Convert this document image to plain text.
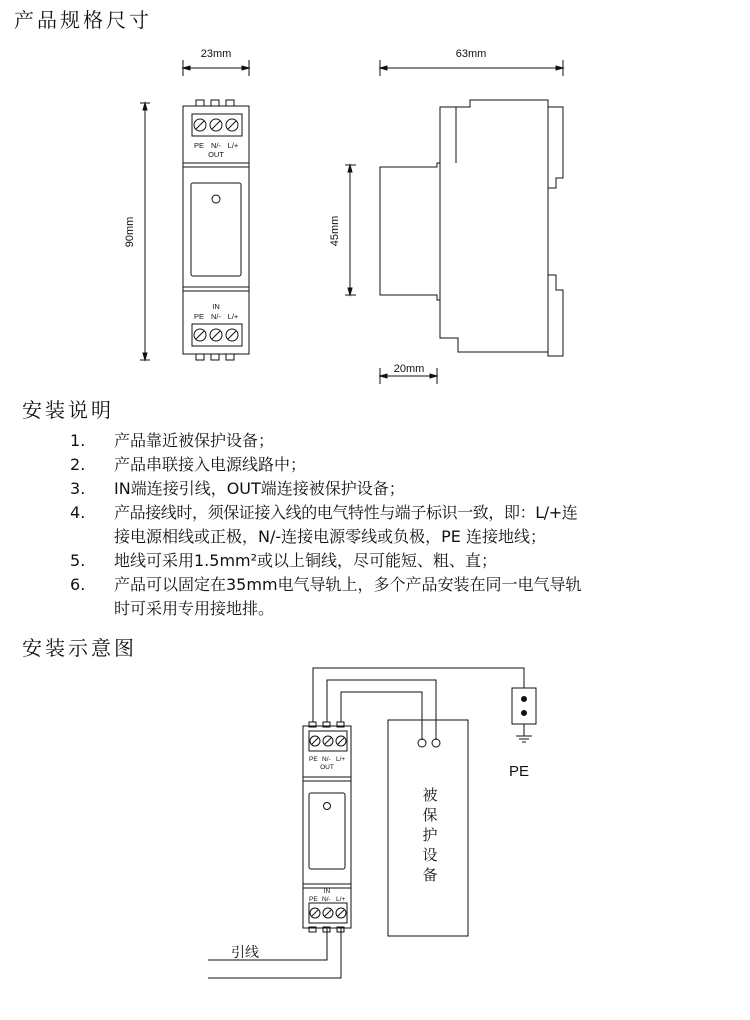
产品规格尺寸
23mm	63mm
20mm
90mm	45mm
PE N/- L/+
OUT
IN
PE N/- L/+
安装说明
1 .	产品靠近被保护设备；
2 .	产品串联接入电源线路中；
3 .	IN端连接引线，OUT端连接被保护设备；
4 .	产品接线时，须保证接入线的电气特性与端子标识一致，即：L/+连
接电源相线或正极，N/-连接电源零线或负极，PE 连接地线；
5 .	地线可采用1.5mm²或以上铜线，尽可能短、粗、直；
6 .	产品可以固定在35mm电气导轨上，多个产品安装在同一电气导轨
时可采用专用接地排。
安装示意图
PE N/- L/+
OUT
IN
PE N/- L/+
PE
引线
被保护设备
